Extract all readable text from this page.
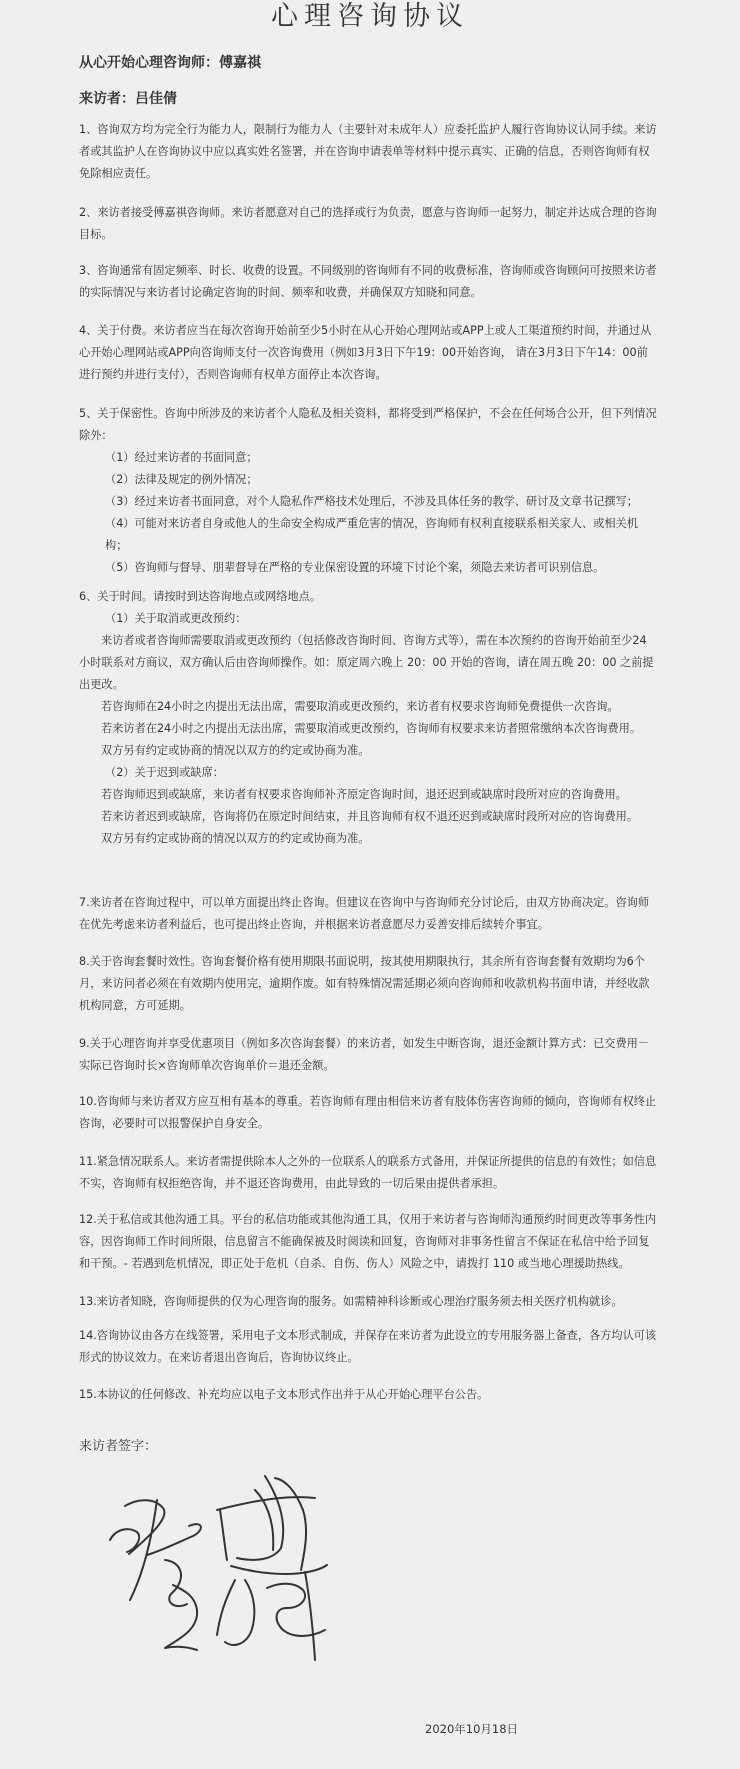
心理咨询协议
从心开始心理咨询师：傅嘉祺
来访者：吕佳倩
1、咨询双方均为完全行为能力人，限制行为能力人（主要针对未成年人）应委托监护人履行咨询协议认同手续。来访者或其监护人在咨询协议中应以真实姓名签署，并在咨询申请表单等材料中提示真实、正确的信息，否则咨询师有权免除相应责任。
2、来访者接受傅嘉祺咨询师。来访者愿意对自己的选择或行为负责，愿意与咨询师一起努力，制定并达成合理的咨询目标。
3、咨询通常有固定频率、时长、收费的设置。不同级别的咨询师有不同的收费标准，咨询师或咨询顾问可按照来访者的实际情况与来访者讨论确定咨询的时间、频率和收费，并确保双方知晓和同意。
4、关于付费。来访者应当在每次咨询开始前至少5小时在从心开始心理网站或APP上或人工渠道预约时间，并通过从心开始心理网站或APP向咨询师支付一次咨询费用（例如3月3日下午19：00开始咨询， 请在3月3日下午14：00前进行预约并进行支付），否则咨询师有权单方面停止本次咨询。

5、关于保密性。咨询中所涉及的来访者个人隐私及相关资料，都将受到严格保护，不会在任何场合公开，但下列情况除外：

（1）经过来访者的书面同意；

（2）法律及规定的例外情况；

（3）经过来访者书面同意，对个人隐私作严格技术处理后，不涉及具体任务的教学、研讨及文章书记撰写；

（4）可能对来访者自身或他人的生命安全构成严重危害的情况，咨询师有权利直接联系相关家人、或相关机构；

（5）咨询师与督导、朋辈督导在严格的专业保密设置的环境下讨论个案，须隐去来访者可识别信息。

6、关于时间。请按时到达咨询地点或网络地点。

（1）关于取消或更改预约：

来访者或者咨询师需要取消或更改预约（包括修改咨询时间、咨询方式等），需在本次预约的咨询开始前至少24小时联系对方商议，双方确认后由咨询师操作。如：原定周六晚上 20：00 开始的咨询，请在周五晚 20：00 之前提出更改。

若咨询师在24小时之内提出无法出席，需要取消或更改预约，来访者有权要求咨询师免费提供一次咨询。

若来访者在24小时之内提出无法出席，需要取消或更改预约，咨询师有权要求来访者照常缴纳本次咨询费用。

双方另有约定或协商的情况以双方的约定或协商为准。

（2）关于迟到或缺席：

若咨询师迟到或缺席，来访者有权要求咨询师补齐原定咨询时间，退还迟到或缺席时段所对应的咨询费用。

若来访者迟到或缺席，咨询将仍在原定时间结束，并且咨询师有权不退还迟到或缺席时段所对应的咨询费用。

双方另有约定或协商的情况以双方的约定或协商为准。

7.来访者在咨询过程中，可以单方面提出终止咨询。但建议在咨询中与咨询师充分讨论后，由双方协商决定。咨询师在优先考虑来访者利益后，也可提出终止咨询，并根据来访者意愿尽力妥善安排后续转介事宜。
8.关于咨询套餐时效性。咨询套餐价格有使用期限书面说明，按其使用期限执行，其余所有咨询套餐有效期均为6个月，来访问者必须在有效期内使用完，逾期作废。如有特殊情况需延期必须向咨询师和收款机构书面申请，并经收款机构同意，方可延期。
9.关于心理咨询并享受优惠项目（例如多次咨询套餐）的来访者，如发生中断咨询，退还金额计算方式：已交费用－实际已咨询时长×咨询师单次咨询单价＝退还金额。
10.咨询师与来访者双方应互相有基本的尊重。若咨询师有理由相信来访者有肢体伤害咨询师的倾向，咨询师有权终止咨询，必要时可以报警保护自身安全。
11.紧急情况联系人。来访者需提供除本人之外的一位联系人的联系方式备用，并保证所提供的信息的有效性；如信息不实，咨询师有权拒绝咨询，并不退还咨询费用，由此导致的一切后果由提供者承担。
12.关于私信或其他沟通工具。平台的私信功能或其他沟通工具，仅用于来访者与咨询师沟通预约时间更改等事务性内容，因咨询师工作时间所限，信息留言不能确保被及时阅读和回复，咨询师对非事务性留言不保证在私信中给予回复和干预。- 若遇到危机情况，即正处于危机（自杀、自伤、伤人）风险之中，请拨打 110 或当地心理援助热线。
13.来访者知晓，咨询师提供的仅为心理咨询的服务。如需精神科诊断或心理治疗服务须去相关医疗机构就诊。
14.咨询协议由各方在线签署，采用电子文本形式制成，并保存在来访者为此设立的专用服务器上备查，各方均认可该形式的协议效力。在来访者退出咨询后，咨询协议终止。
15.本协议的任何修改、补充均应以电子文本形式作出并于从心开始心理平台公告。
来访者签字：
2020年10月18日
